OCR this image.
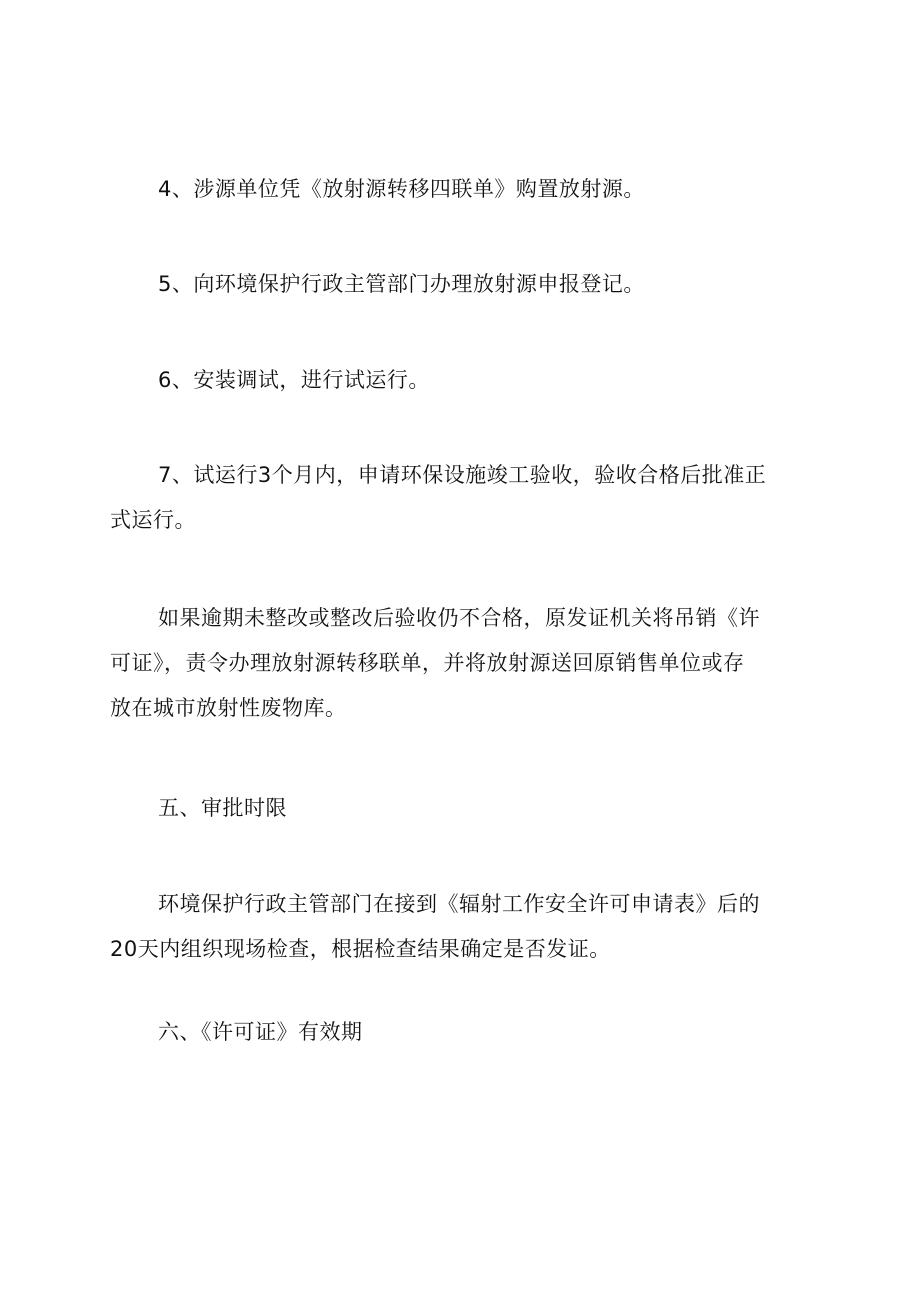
4、涉源单位凭《放射源转移四联单》购置放射源。

5、向环境保护行政主管部门办理放射源申报登记。

6、安装调试，进行试运行。

7、试运行3个月内，申请环保设施竣工验收，验收合格后批准正
式运行。

如果逾期未整改或整改后验收仍不合格，原发证机关将吊销《许
可证》，责令办理放射源转移联单，并将放射源送回原销售单位或存
放在城市放射性废物库。

五、审批时限

环境保护行政主管部门在接到《辐射工作安全许可申请表》后的
20天内组织现场检查，根据检查结果确定是否发证。

六、《许可证》有效期
